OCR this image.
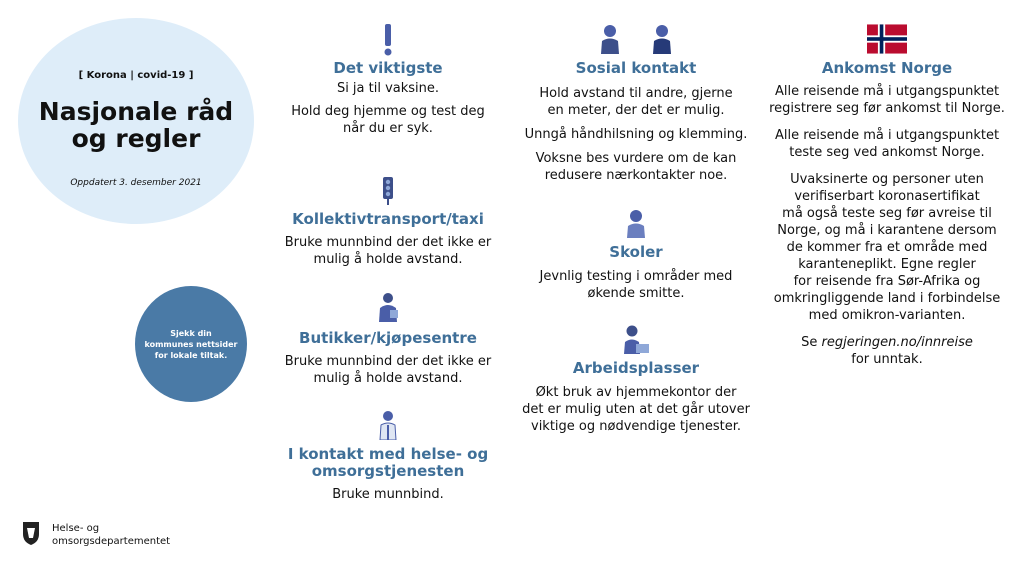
[ Korona | covid-19 ]
Nasjonale råd
og regler
Oppdatert 3. desember 2021
Sjekk din
kommunes nettsider
for lokale tiltak.

Det viktigste

Si ja til vaksine.

Hold deg hjemme og test deg
når du er syk.

Kollektivtransport/taxi

Bruke munnbind der det ikke er
mulig å holde avstand.

Butikker/kjøpesentre

Bruke munnbind der det ikke er
mulig å holde avstand.

I kontakt med helse- og
omsorgstjenesten

Bruke munnbind.

Sosial kontakt

Hold avstand til andre, gjerne
en meter, der det er mulig.

Unngå håndhilsning og klemming.

Voksne bes vurdere om de kan
redusere nærkontakter noe.

Skoler

Jevnlig testing i områder med
økende smitte.

Arbeidsplasser

Økt bruk av hjemmekontor der
det er mulig uten at det går utover
viktige og nødvendige tjenester.

Ankomst Norge

Alle reisende må i utgangspunktet
registrere seg før ankomst til Norge.

Alle reisende må i utgangspunktet
teste seg ved ankomst Norge.

Uvaksinerte og personer uten
verifiserbart koronasertifikat
må også teste seg før avreise til
Norge, og må i karantene dersom
de kommer fra et område med
karanteneplikt. Egne regler
for reisende fra Sør-Afrika og
omkringliggende land i forbindelse
med omikron-varianten.

Se regjeringen.no/innreise
for unntak.

Helse- og
omsorgsdepartementet
